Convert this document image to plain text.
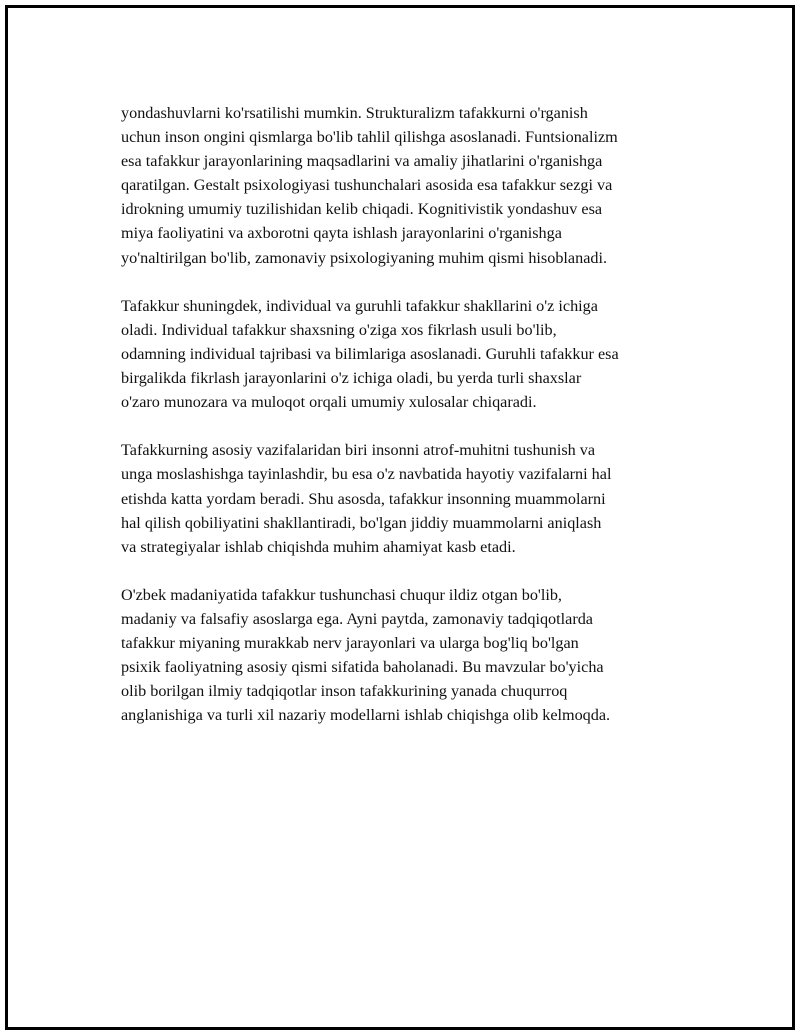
yondashuvlarni ko'rsatilishi mumkin. Strukturalizm tafakkurni o'rganish
uchun inson ongini qismlarga bo'lib tahlil qilishga asoslanadi. Funtsionalizm
esa tafakkur jarayonlarining maqsadlarini va amaliy jihatlarini o'rganishga
qaratilgan. Gestalt psixologiyasi tushunchalari asosida esa tafakkur sezgi va
idrokning umumiy tuzilishidan kelib chiqadi. Kognitivistik yondashuv esa
miya faoliyatini va axborotni qayta ishlash jarayonlarini o'rganishga
yo'naltirilgan bo'lib, zamonaviy psixologiyaning muhim qismi hisoblanadi.

Tafakkur shuningdek, individual va guruhli tafakkur shakllarini o'z ichiga
oladi. Individual tafakkur shaxsning o'ziga xos fikrlash usuli bo'lib,
odamning individual tajribasi va bilimlariga asoslanadi. Guruhli tafakkur esa
birgalikda fikrlash jarayonlarini o'z ichiga oladi, bu yerda turli shaxslar
o'zaro munozara va muloqot orqali umumiy xulosalar chiqaradi.

Tafakkurning asosiy vazifalaridan biri insonni atrof-muhitni tushunish va
unga moslashishga tayinlashdir, bu esa o'z navbatida hayotiy vazifalarni hal
etishda katta yordam beradi. Shu asosda, tafakkur insonning muammolarni
hal qilish qobiliyatini shakllantiradi, bo'lgan jiddiy muammolarni aniqlash
va strategiyalar ishlab chiqishda muhim ahamiyat kasb etadi.

O'zbek madaniyatida tafakkur tushunchasi chuqur ildiz otgan bo'lib,
madaniy va falsafiy asoslarga ega. Ayni paytda, zamonaviy tadqiqotlarda
tafakkur miyaning murakkab nerv jarayonlari va ularga bog'liq bo'lgan
psixik faoliyatning asosiy qismi sifatida baholanadi. Bu mavzular bo'yicha
olib borilgan ilmiy tadqiqotlar inson tafakkurining yanada chuqurroq
anglanishiga va turli xil nazariy modellarni ishlab chiqishga olib kelmoqda.
